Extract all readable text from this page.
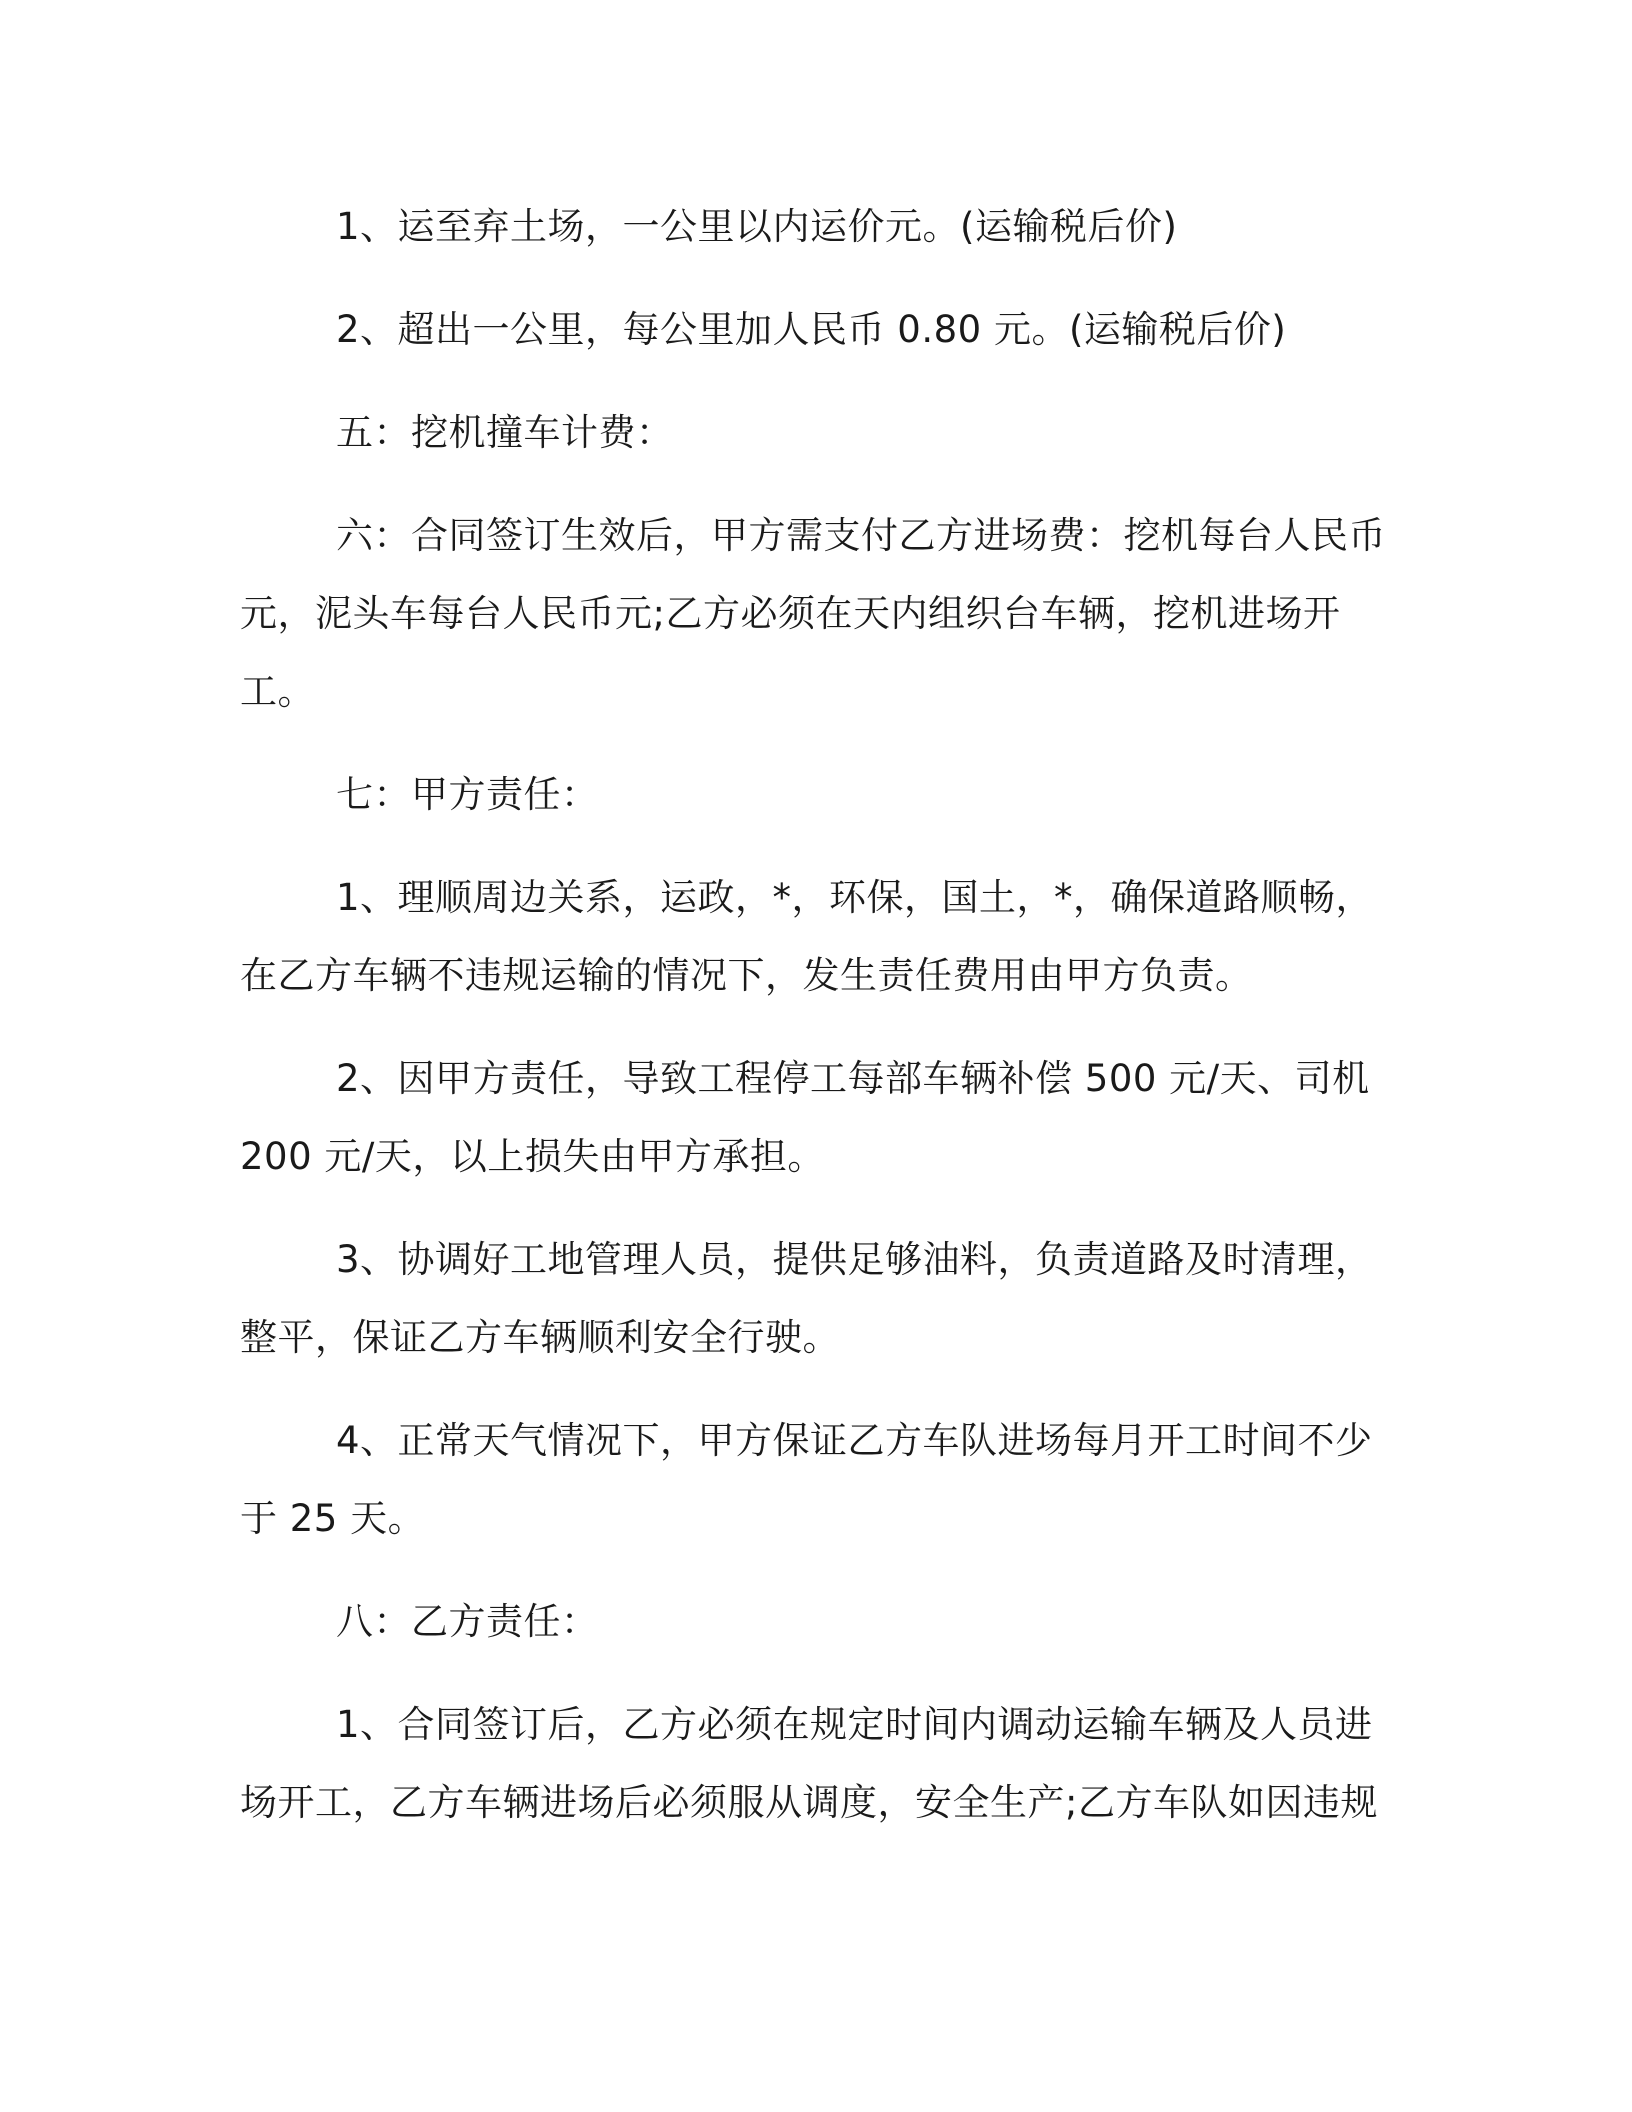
1、运至弃土场，一公里以内运价元。(运输税后价)

2、超出一公里，每公里加人民币 0.80 元。(运输税后价)

五：挖机撞车计费：

六：合同签订生效后，甲方需支付乙方进场费：挖机每台人民币元，泥头车每台人民币元;乙方必须在天内组织台车辆，挖机进场开工。

七：甲方责任：

1、理顺周边关系，运政，*，环保，国土，*，确保道路顺畅，在乙方车辆不违规运输的情况下，发生责任费用由甲方负责。

2、因甲方责任，导致工程停工每部车辆补偿 500 元/天、司机 200 元/天，以上损失由甲方承担。

3、协调好工地管理人员，提供足够油料，负责道路及时清理，整平，保证乙方车辆顺利安全行驶。

4、正常天气情况下，甲方保证乙方车队进场每月开工时间不少于 25 天。

八：乙方责任：

1、合同签订后，乙方必须在规定时间内调动运输车辆及人员进场开工，乙方车辆进场后必须服从调度，安全生产;乙方车队如因违规
